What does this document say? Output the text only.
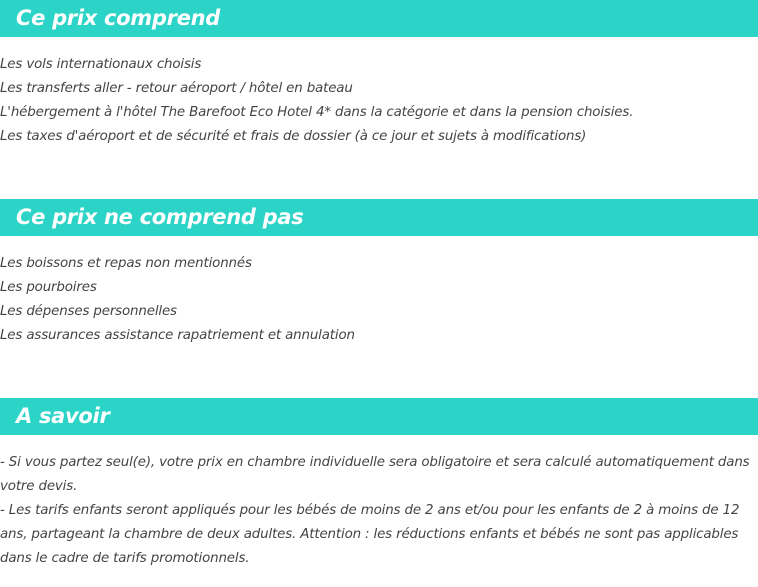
Ce prix comprend
Les vols internationaux choisis
Les transferts aller - retour aéroport / hôtel en bateau
L'hébergement à l'hôtel The Barefoot Eco Hotel 4* dans la catégorie et dans la pension choisies.
Les taxes d'aéroport et de sécurité et frais de dossier (à ce jour et sujets à modifications)
Ce prix ne comprend pas
Les boissons et repas non mentionnés
Les pourboires
Les dépenses personnelles
Les assurances assistance rapatriement et annulation
A savoir

- Si vous partez seul(e), votre prix en chambre individuelle sera obligatoire et sera calculé automatiquement dans votre devis.

- Les tarifs enfants seront appliqués pour les bébés de moins de 2 ans et/ou pour les enfants de 2 à moins de 12 ans, partageant la chambre de deux adultes. Attention : les réductions enfants et bébés ne sont pas applicables dans le cadre de tarifs promotionnels.
